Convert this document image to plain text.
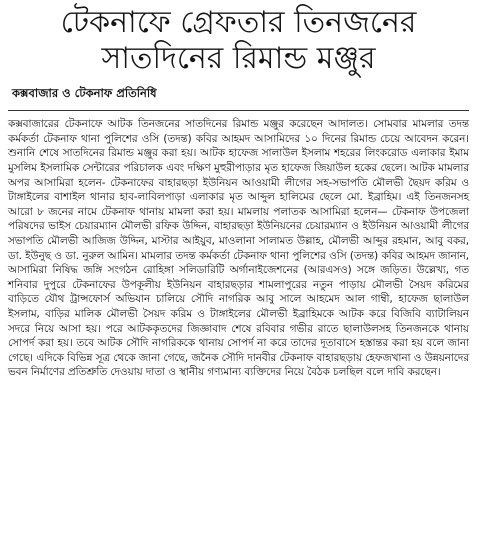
টেকনাফে গ্রেফতার তিনজনের
সাতদিনের রিমান্ড মঞ্জুর
কক্সবাজার ও টেকনাফ প্রতিনিধি

কক্সবাজারের টেকনাফে আটক তিনজনের সাতদিনের রিমান্ড মঞ্জুর করেছেন আদালত। সোমবার মামলার তদন্ত কর্মকর্তা টেকনাফ থানা পুলিশের ওসি (তদন্ত) কবির আহমদ আসামিদের ১০ দিনের রিমান্ড চেয়ে আবেদন করেন। শুনানি শেষে সাতদিনের রিমান্ড মঞ্জুর করা হয়। আটক হাফেজ সালাউল ইসলাম শহরের লিংকরোড এলাকার ইমাম মুসলিম ইসলামিক সেন্টারের পরিচালক এবং দক্ষিণ মুহুরীপাড়ার মৃত হাফেজ জিয়াউল হকের ছেলে। আটক মামলার অপর আসামিরা হলেন- টেকনাফের বাহারছড়া ইউনিয়ন আওয়ামী লীগের সহ-সভাপতি মৌলভী ছৈয়দ করিম ও টাঙ্গাইলের বাশাইল থানার হাব-লাবিলপাড়া এলাকার মৃত আব্দুল হালিমের ছেলে মো. ইব্রাহিম। এই তিনজনসহ আরো ৮ জনের নামে টেকনাফ থানায় মামলা করা হয়। মামলায় পলাতক আসামিরা হলেন— টেকনাফ উপজেলা পরিষদের ভাইস চেয়ারম্যান মৌলভী রফিক উদ্দিন, বাহারছড়া ইউনিয়নের চেয়ারম্যান ও ইউনিয়ন আওয়ামী লীগের সভাপতি মৌলভী আজিজ উদ্দিন, মাস্টার আইয়ুব, মাওলানা সালামত উল্লাহ, মৌলভী আব্দুর রহমান, আবু বকর, ডা. ইউনুছ ও ডা. নুরুল আমিন। মামলার তদন্ত কর্মকর্তা টেকনাফ থানা পুলিশের ওসি (তদন্ত) কবির আহমদ জানান, আসামিরা নিষিদ্ধ জঙ্গি সংগঠন রোহিঙ্গা সলিডারিটি অর্গানাইজেশনের (আরএসও) সঙ্গে জড়িত। উল্লেখ্য, গত শনিবার দুপুরে টেকনাফের উপকূলীয় ইউনিয়ন বাহারছড়ার শামলাপুরের নতুন পাড়ায় মৌলভী সৈয়দ করিমের বাড়িতে যৌথ ট্রান্সফোর্স অভিযান চালিয়ে সৌদি নাগরিক আবু সালে আহমেদ আল গাম্বী, হাফেজ ছালাউল ইসলাম, বাড়ির মালিক মৌলভী সৈয়দ করিম ও টাঙ্গাইলের মৌলভী ইব্রাহিমকে আটক করে বিজিবি ব্যাটালিয়ন সদরে নিয়ে আসা হয়। পরে আটককৃতদের জিজ্ঞাবাদ শেষে রবিবার গভীর রাতে ছালাউলসহ তিনজনকে থানায় সোপর্দ করা হয়। তবে আটক সৌদি নাগরিককে থানায় সোপর্দ না করে তাদের দূতাবাসে হস্তান্তর করা হয় বলে জানা গেছে। এদিকে বিভিন্ন সূত্র থেকে জানা গেছে, জনৈক সৌদি দানবীর টেকনাফ বাহারছড়ায় হেফজখানা ও উন্নয়নাদের ভবন নির্মাণের প্রতিশ্রুতি দেওয়ায় দাতা ও স্থানীয় গণ্যমান্য ব্যক্তিদের নিয়ে বৈঠক চলছিল বলে দাবি করছেন।
